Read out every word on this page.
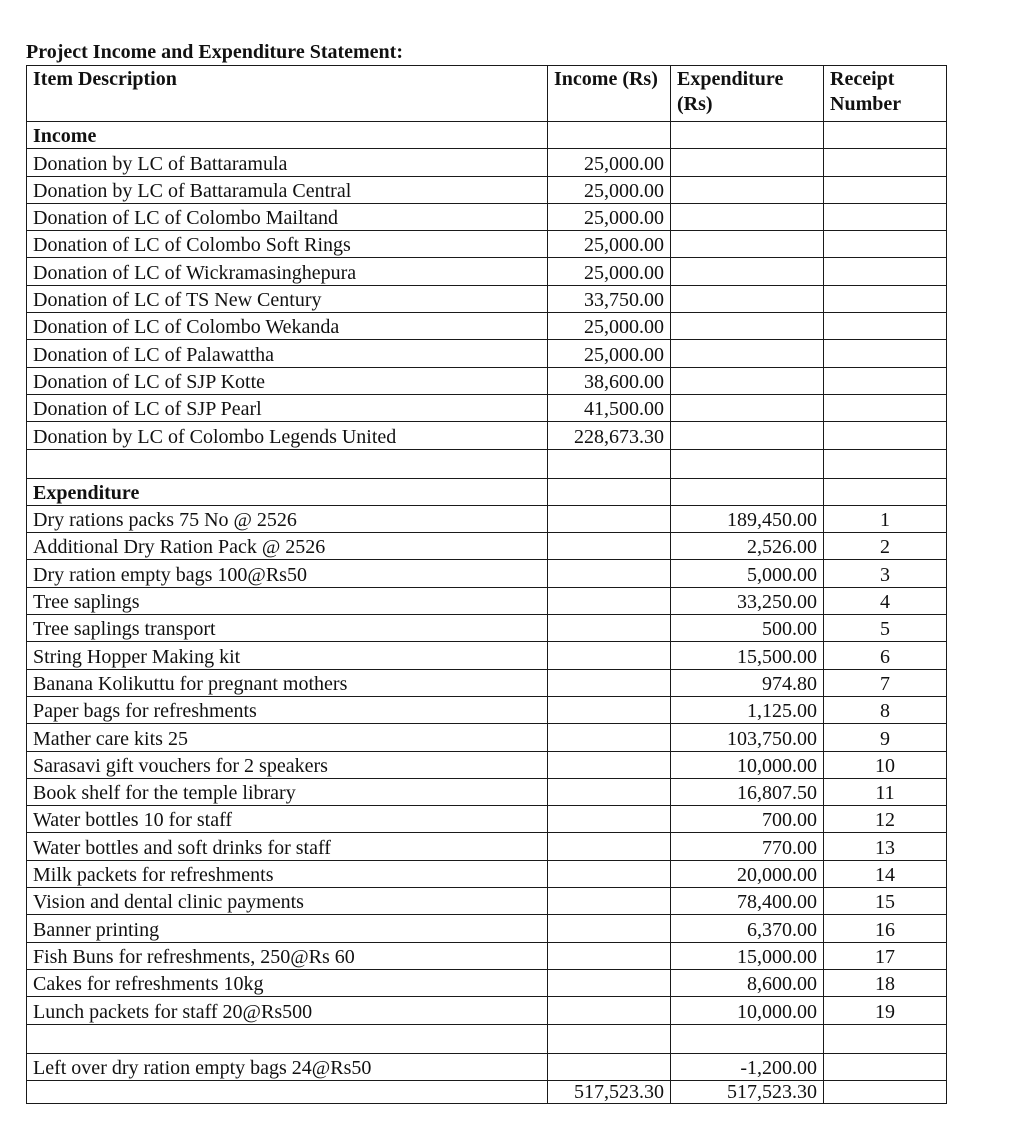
Project Income and Expenditure Statement:
Item Description	Income (Rs)	Expenditure (Rs)	Receipt Number
Income			
Donation by LC of Battaramula	25,000.00		
Donation by LC of Battaramula Central	25,000.00		
Donation of LC of Colombo Mailtand	25,000.00		
Donation of LC of Colombo Soft Rings	25,000.00		
Donation of LC of Wickramasinghepura	25,000.00		
Donation of LC of TS New Century	33,750.00		
Donation of LC of Colombo Wekanda	25,000.00		
Donation of LC of Palawattha	25,000.00		
Donation of LC of SJP Kotte	38,600.00		
Donation of LC of SJP Pearl	41,500.00		
Donation by LC of Colombo Legends United	228,673.30		

Expenditure			
Dry rations packs 75 No @ 2526		189,450.00	1
Additional Dry Ration Pack @ 2526		2,526.00	2
Dry ration empty bags 100@Rs50		5,000.00	3
Tree saplings		33,250.00	4
Tree saplings transport		500.00	5
String Hopper Making kit		15,500.00	6
Banana Kolikuttu for pregnant mothers		974.80	7
Paper bags for refreshments		1,125.00	8
Mather care kits 25		103,750.00	9
Sarasavi gift vouchers for 2 speakers		10,000.00	10
Book shelf for the temple library		16,807.50	11
Water bottles 10 for staff		700.00	12
Water bottles and soft drinks for staff		770.00	13
Milk packets for refreshments		20,000.00	14
Vision and dental clinic payments		78,400.00	15
Banner printing		6,370.00	16
Fish Buns for refreshments, 250@Rs 60		15,000.00	17
Cakes for refreshments 10kg		8,600.00	18
Lunch packets for staff 20@Rs500		10,000.00	19

Left over dry ration empty bags 24@Rs50		-1,200.00	
	517,523.30	517,523.30	
